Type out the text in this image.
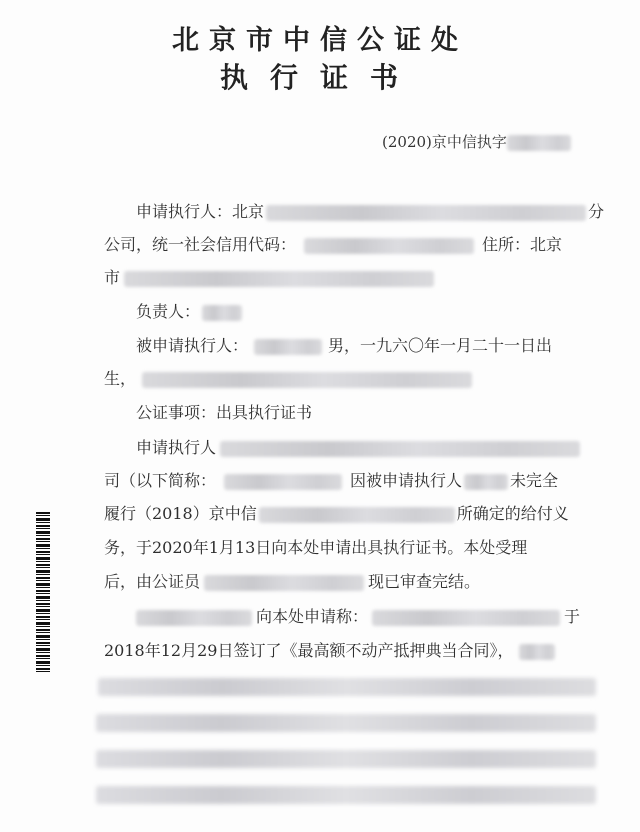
北京市中信公证处
执行证书
(2020)京中信执字
申请执行人：北京	分
公司，统一社会信用代码：	住所：北京
市
负责人：
被申请执行人：	男，一九六〇年一月二十一日出
生，
公证事项：出具执行证书
申请执行人
司（以下简称：	因被申请执行人	未完全
履行（2018）京中信	所确定的给付义
务，于2020年1月13日向本处申请出具执行证书。本处受理
后，由公证员	现已审查完结。
向本处申请称：	于
2018年12月29日签订了《最高额不动产抵押典当合同》，
